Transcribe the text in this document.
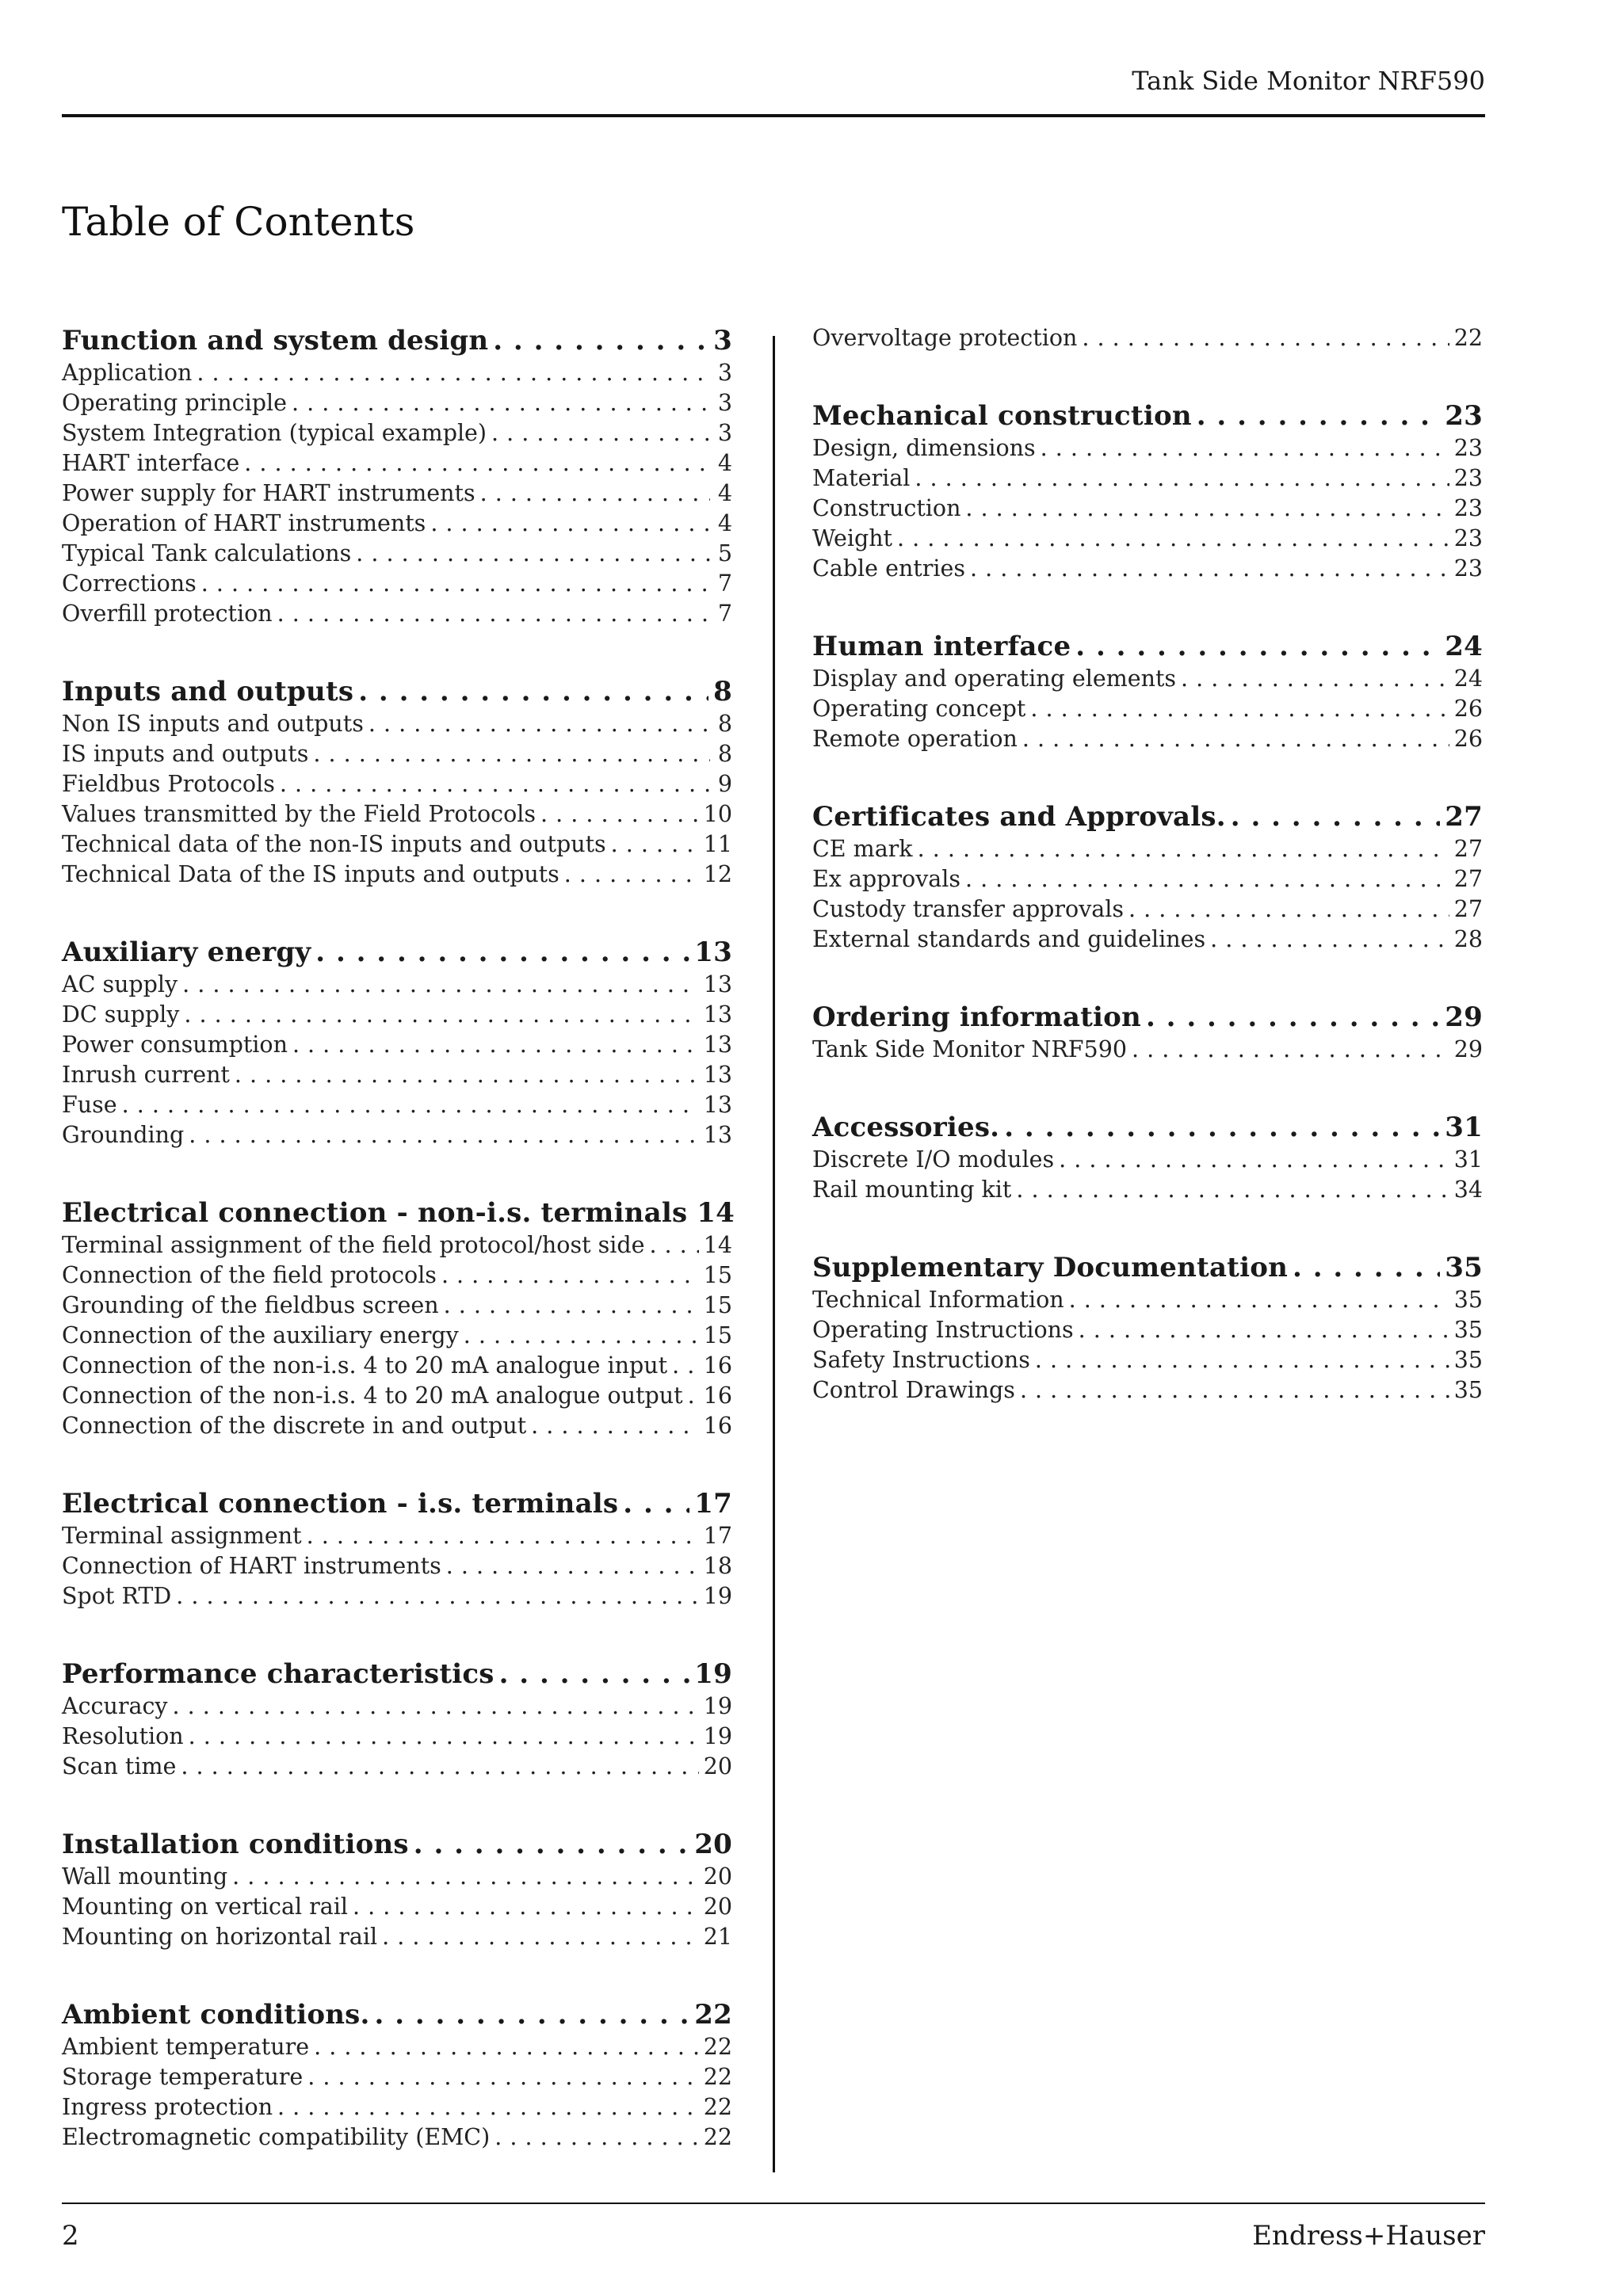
Tank Side Monitor NRF590
Table of Contents
Function and system design . . .	3
Application . . .	3
Operating principle . . .	3
System Integration (typical example) . . .	3
HART interface . . .	4
Power supply for HART instruments . . .	4
Operation of HART instruments . . .	4
Typical Tank calculations . . .	5
Corrections . . .	7
Overfill protection . . .	7
Inputs and outputs . . .	8
Non IS inputs and outputs . . .	8
IS inputs and outputs . . .	8
Fieldbus Protocols . . .	9
Values transmitted by the Field Protocols . . .	10
Technical data of the non-IS inputs and outputs . . .	11
Technical Data of the IS inputs and outputs . . .	12
Auxiliary energy . . .	13
AC supply . . .	13
DC supply . . .	13
Power consumption . . .	13
Inrush current . . .	13
Fuse . . .	13
Grounding . . .	13
Electrical connection - non-i.s. terminals 14
Terminal assignment of the field protocol/host side . . .	14
Connection of the field protocols . . .	15
Grounding of the fieldbus screen . . .	15
Connection of the auxiliary energy . . .	15
Connection of the non-i.s. 4 to 20 mA analogue input . . . 16
Connection of the non-i.s. 4 to 20 mA analogue output . . . 16
Connection of the discrete in and output . . .	16
Electrical connection - i.s. terminals . . .	17
Terminal assignment . . .	17
Connection of HART instruments . . .	18
Spot RTD . . .	19
Performance characteristics . . .	19
Accuracy . . .	19
Resolution . . .	19
Scan time . . .	20
Installation conditions . . .	20
Wall mounting . . .	20
Mounting on vertical rail . . .	20
Mounting on horizontal rail . . .	21
Ambient conditions. . . .	22
Ambient temperature . . .	22
Storage temperature . . .	22
Ingress protection . . .	22
Electromagnetic compatibility (EMC) . . .	22
Overvoltage protection . . .	22
Mechanical construction . . .	23
Design, dimensions . . .	23
Material . . .	23
Construction . . .	23
Weight . . .	23
Cable entries . . .	23
Human interface . . .	24
Display and operating elements . . .	24
Operating concept . . .	26
Remote operation . . .	26
Certificates and Approvals. . . .	27
CE mark . . .	27
Ex approvals . . .	27
Custody transfer approvals . . .	27
External standards and guidelines . . .	28
Ordering information . . .	29
Tank Side Monitor NRF590 . . .	29
Accessories. . . .	31
Discrete I/O modules . . .	31
Rail mounting kit . . .	34
Supplementary Documentation . . .	35
Technical Information . . .	35
Operating Instructions . . .	35
Safety Instructions . . .	35
Control Drawings . . .	35
2	Endress+Hauser
